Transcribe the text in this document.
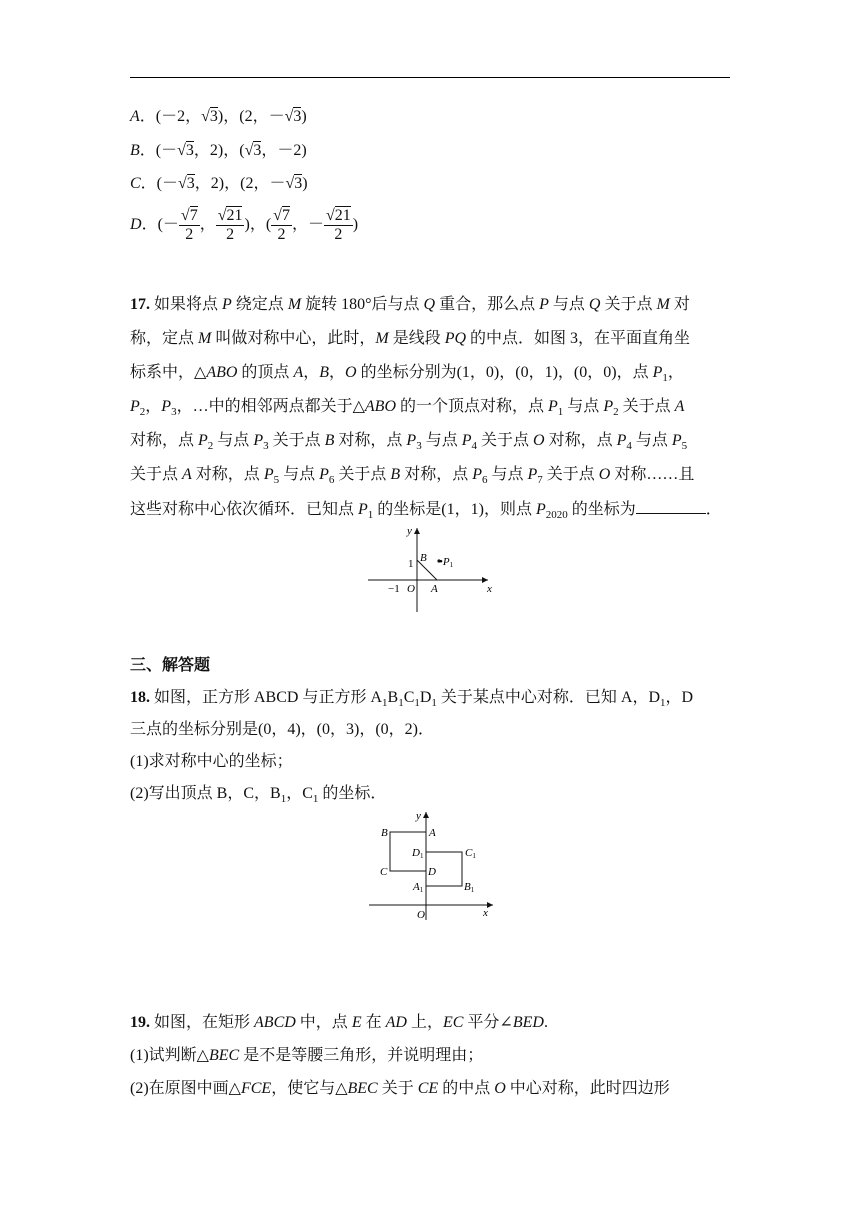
A．(－2，√3)，(2，－√3)
B．(－√3，2)，(√3，－2)
C．(－√3，2)，(2，－√3)
D．(－ $\frac{√7}{2}$ ， $\frac{√21}{2}$ )，( $\frac{√7}{2}$ ，－ $\frac{√21}{2}$ )
17. 如果将点 P 绕定点 M 旋转 180°后与点 Q 重合，那么点 P 与点 Q 关于点 M 对
称，定点 M 叫做对称中心，此时，M 是线段 PQ 的中点．如图 3，在平面直角坐
标系中，△ABO 的顶点 A，B，O 的坐标分别为(1，0)，(0，1)，(0，0)，点 $P_1$，
$P_2$，$P_3$，…中的相邻两点都关于△ABO 的一个顶点对称，点 $P_1$ 与点 $P_2$ 关于点 A
对称，点 $P_2$ 与点 $P_3$ 关于点 B 对称，点 $P_3$ 与点 $P_4$ 关于点 O 对称，点 $P_4$ 与点 $P_5$
关于点 A 对称，点 $P_5$ 与点 $P_6$ 关于点 B 对称，点 $P_6$ 与点 $P_7$ 关于点 O 对称……且
这些对称中心依次循环．已知点 $P_1$ 的坐标是(1，1)，则点 $P_{2020}$ 的坐标为	．
y
x
1 B •P1
−1 O A
三、解答题
18. 如图，正方形 ABCD 与正方形 $A_1B_1C_1D_1$ 关于某点中心对称．已知 A，$D_1$，D
三点的坐标分别是(0，4)，(0，3)，(0，2)．
(1)求对称中心的坐标；
(2)写出顶点 B，C，$B_1$，$C_1$ 的坐标．
y
x
O
B	A
C	D
D1	C1
A1	B1
19. 如图，在矩形 ABCD 中，点 E 在 AD 上，EC 平分∠BED.
(1)试判断△BEC 是不是等腰三角形，并说明理由；
(2)在原图中画△FCE，使它与△BEC 关于 CE 的中点 O 中心对称，此时四边形
